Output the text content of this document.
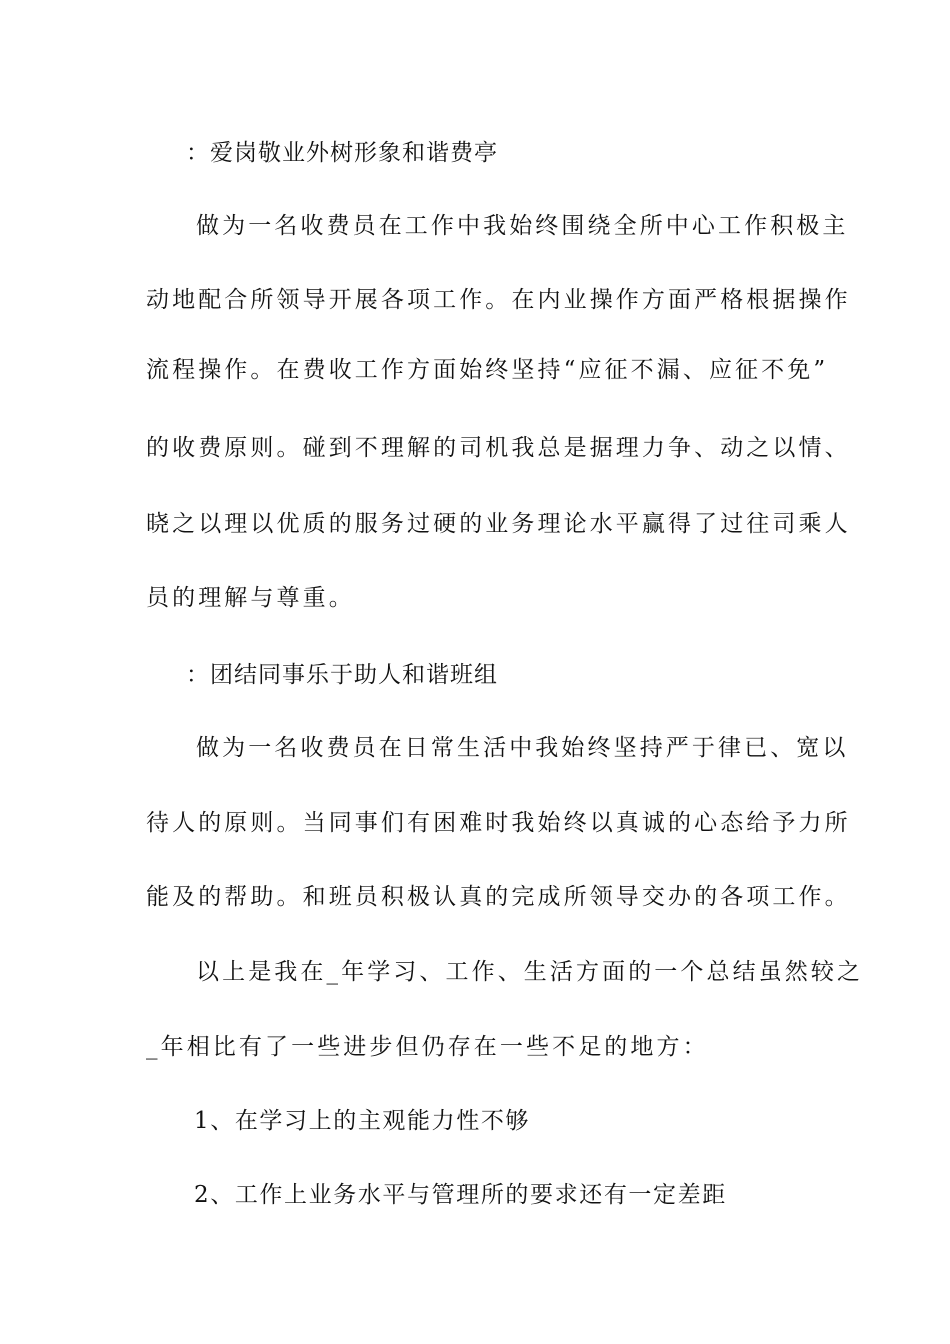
：爱岗敬业外树形象和谐费亭
做为一名收费员在工作中我始终围绕全所中心工作积极主
动地配合所领导开展各项工作。在内业操作方面严格根据操作
流程操作。在费收工作方面始终坚持“应征不漏、应征不免”
的收费原则。碰到不理解的司机我总是据理力争、动之以情、
晓之以理以优质的服务过硬的业务理论水平赢得了过往司乘人
员的理解与尊重。
：团结同事乐于助人和谐班组
做为一名收费员在日常生活中我始终坚持严于律已、宽以
待人的原则。当同事们有困难时我始终以真诚的心态给予力所
能及的帮助。和班员积极认真的完成所领导交办的各项工作。
以上是我在_年学习、工作、生活方面的一个总结虽然较之
_年相比有了一些进步但仍存在一些不足的地方：
1、在学习上的主观能力性不够
2、工作上业务水平与管理所的要求还有一定差距
